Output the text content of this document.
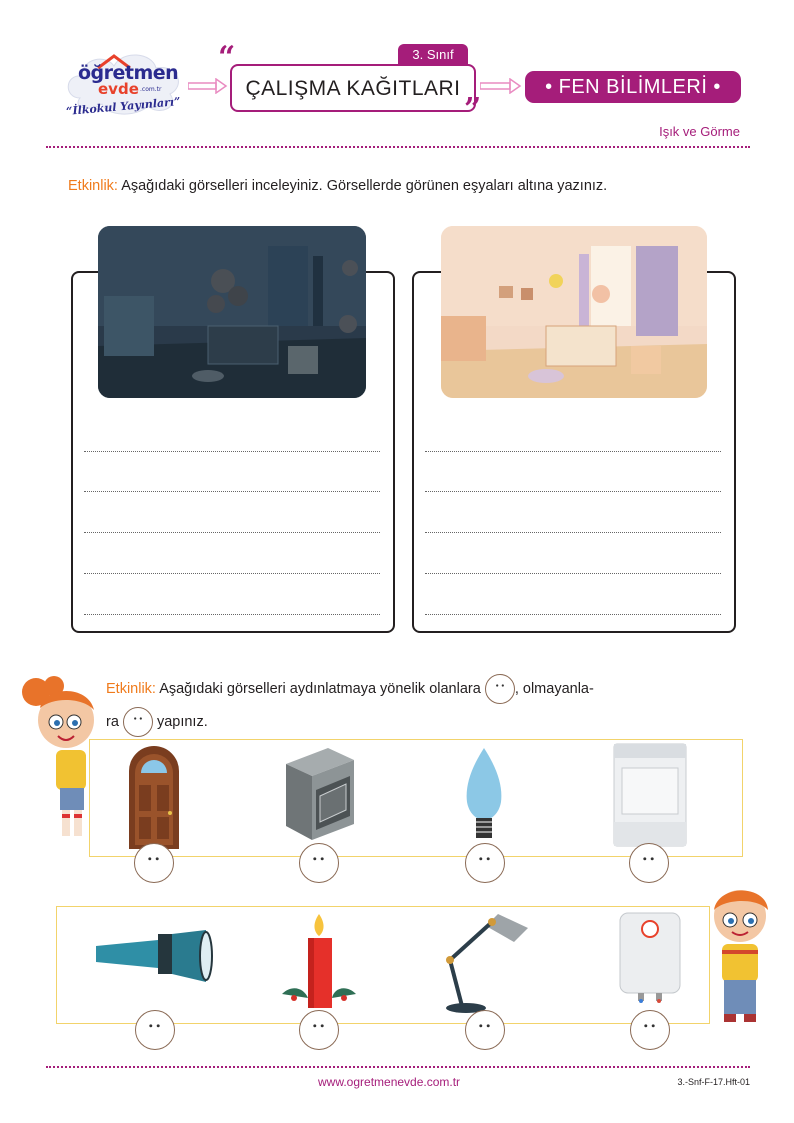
öğretmen
evde .com.tr
“İlkokul Yayınları”
“	3. Sınıf
ÇALIŞMA KAĞITLARI
”
• FEN BİLİMLERİ •
Işık ve Görme
Etkinlik: Aşağıdaki görselleri inceleyiniz. Görsellerde görünen eşyaları altına yazınız.
Etkinlik: Aşağıdaki görselleri aydınlatmaya yönelik olanlara
, olmayanla-
ra
yapınız.
www.ogretmenevde.com.tr	3.-Snf-F-17.Hft-01
